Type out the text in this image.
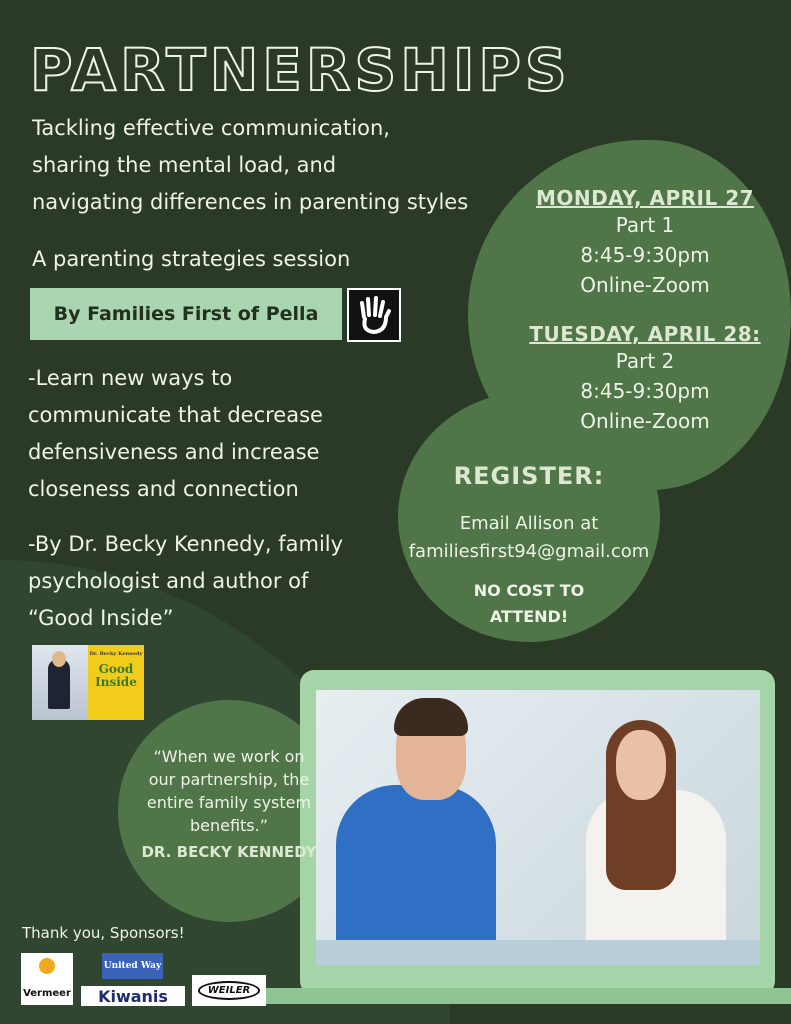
PARTNERSHIPS
Tackling effective communication,
sharing the mental load, and
navigating differences in parenting styles
A parenting strategies session
By Families First of Pella
-Learn new ways to
communicate that decrease
defensiveness and increase
closeness and connection
-By Dr. Becky Kennedy, family
psychologist and author of
“Good Inside”
Dr. Becky Kennedy
Good Inside
MONDAY, APRIL 27
Part 1
8:45-9:30pm
Online-Zoom
TUESDAY, APRIL 28:
Part 2
8:45-9:30pm
Online-Zoom
REGISTER:
Email Allison at
familiesfirst94@gmail.com
NO COST TO
ATTEND!
“When we work on
our partnership, the
entire family system
benefits.”
DR. BECKY KENNEDY
Thank you, Sponsors!
Vermeer
United Way
Kiwanis	WEILER
